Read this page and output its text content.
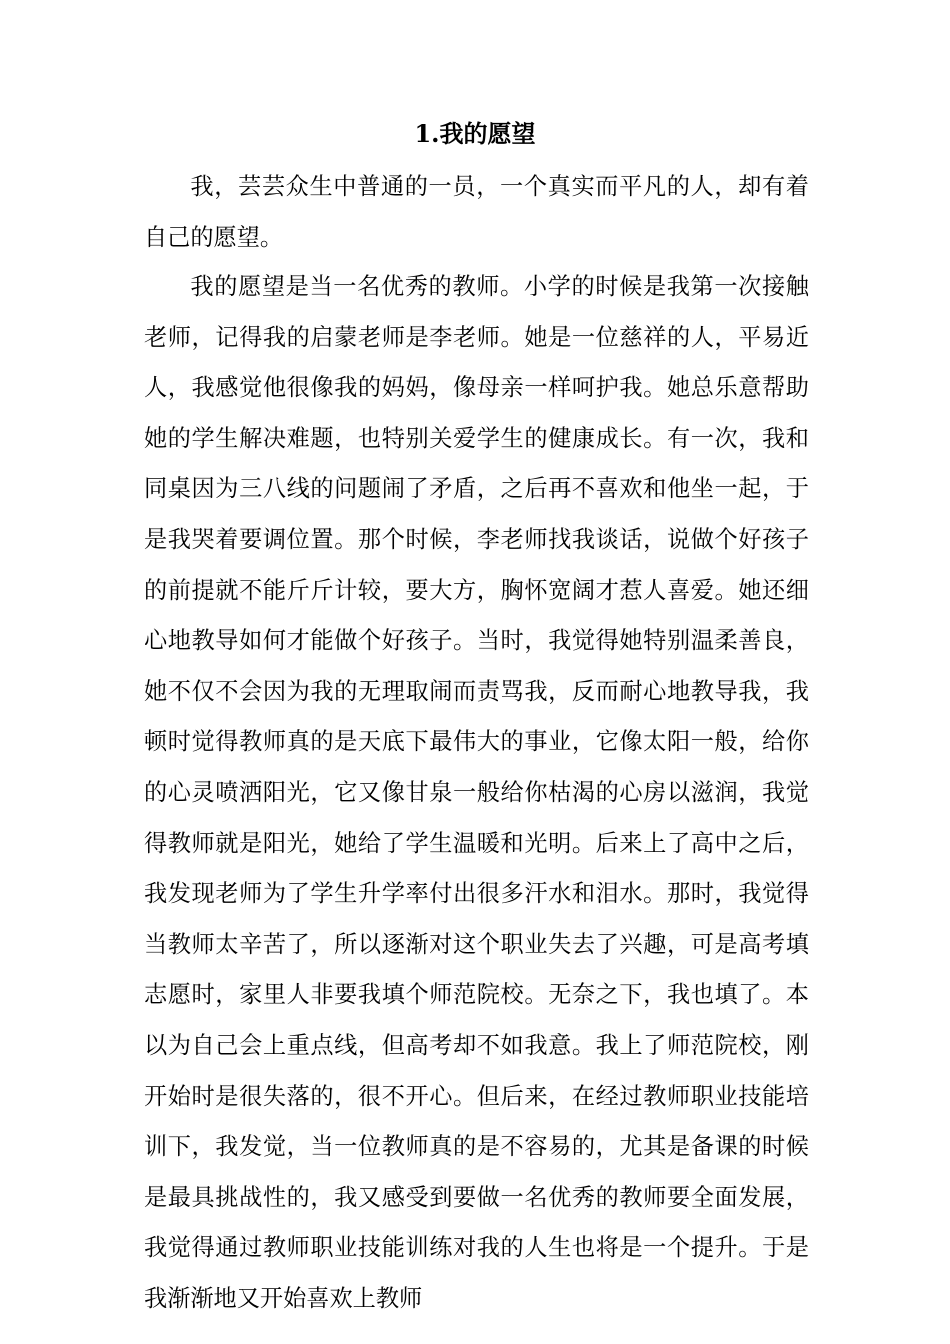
1.我的愿望

我，芸芸众生中普通的一员，一个真实而平凡的人，却有着自己的愿望。

我的愿望是当一名优秀的教师。小学的时候是我第一次接触老师，记得我的启蒙老师是李老师。她是一位慈祥的人，平易近人，我感觉他很像我的妈妈，像母亲一样呵护我。她总乐意帮助她的学生解决难题，也特别关爱学生的健康成长。有一次，我和同桌因为三八线的问题闹了矛盾，之后再不喜欢和他坐一起，于是我哭着要调位置。那个时候，李老师找我谈话，说做个好孩子的前提就不能斤斤计较，要大方，胸怀宽阔才惹人喜爱。她还细心地教导如何才能做个好孩子。当时，我觉得她特别温柔善良，她不仅不会因为我的无理取闹而责骂我，反而耐心地教导我，我顿时觉得教师真的是天底下最伟大的事业，它像太阳一般，给你的心灵喷洒阳光，它又像甘泉一般给你枯渴的心房以滋润，我觉得教师就是阳光，她给了学生温暖和光明。后来上了高中之后，我发现老师为了学生升学率付出很多汗水和泪水。那时，我觉得当教师太辛苦了，所以逐渐对这个职业失去了兴趣，可是高考填志愿时，家里人非要我填个师范院校。无奈之下，我也填了。本以为自己会上重点线，但高考却不如我意。我上了师范院校，刚开始时是很失落的，很不开心。但后来，在经过教师职业技能培训下，我发觉，当一位教师真的是不容易的，尤其是备课的时候是最具挑战性的，我又感受到要做一名优秀的教师要全面发展，我觉得通过教师职业技能训练对我的人生也将是一个提升。于是我渐渐地又开始喜欢上教师
